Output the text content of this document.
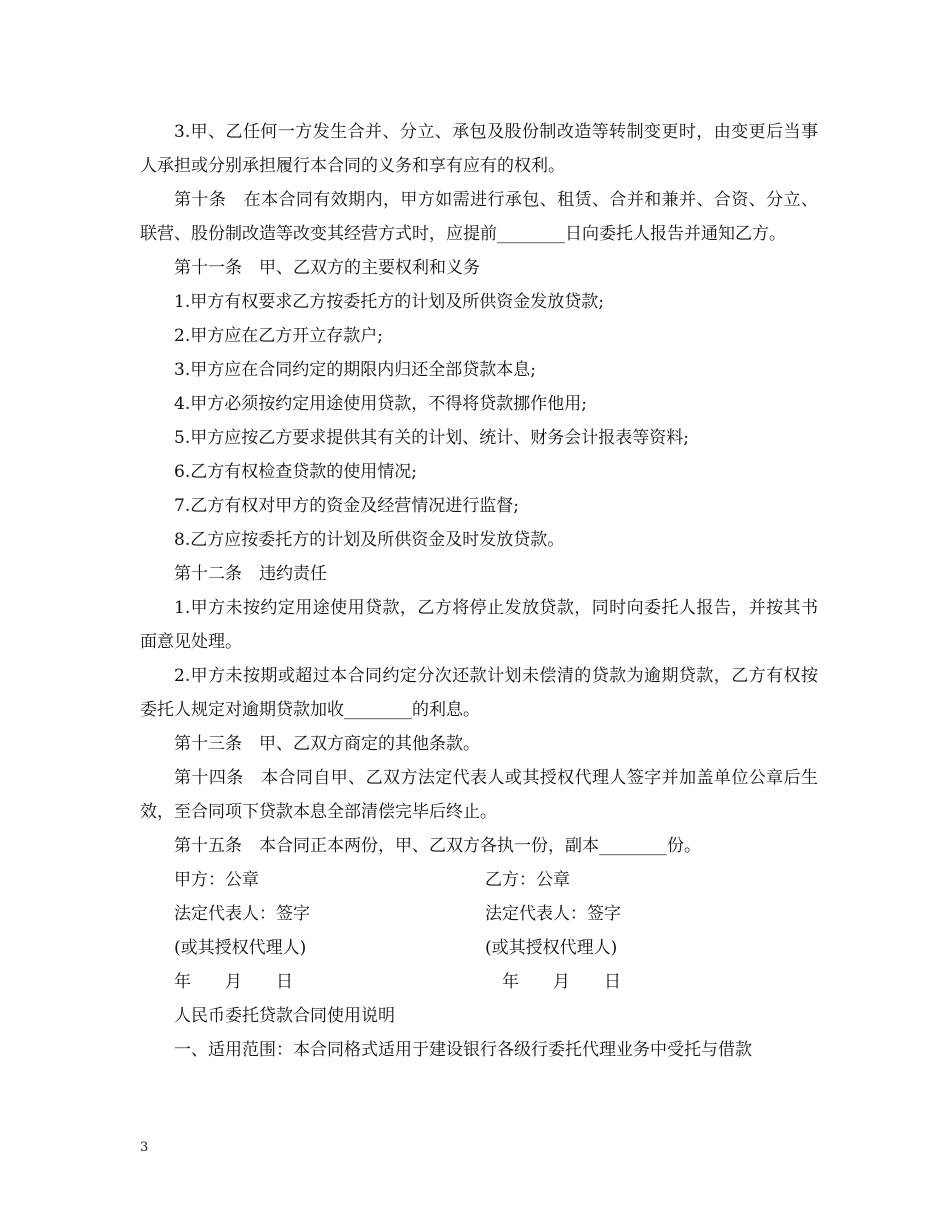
3.甲、乙任何一方发生合并、分立、承包及股份制改造等转制变更时，由变更后当事人承担或分别承担履行本合同的义务和享有应有的权利。

第十条　在本合同有效期内，甲方如需进行承包、租赁、合并和兼并、合资、分立、联营、股份制改造等改变其经营方式时，应提前________日向委托人报告并通知乙方。

第十一条　甲、乙双方的主要权利和义务

1.甲方有权要求乙方按委托方的计划及所供资金发放贷款;

2.甲方应在乙方开立存款户;

3.甲方应在合同约定的期限内归还全部贷款本息;

4.甲方必须按约定用途使用贷款，不得将贷款挪作他用;

5.甲方应按乙方要求提供其有关的计划、统计、财务会计报表等资料;

6.乙方有权检查贷款的使用情况;

7.乙方有权对甲方的资金及经营情况进行监督;

8.乙方应按委托方的计划及所供资金及时发放贷款。

第十二条　违约责任

1.甲方未按约定用途使用贷款，乙方将停止发放贷款，同时向委托人报告，并按其书面意见处理。

2.甲方未按期或超过本合同约定分次还款计划未偿清的贷款为逾期贷款，乙方有权按委托人规定对逾期贷款加收________的利息。

第十三条　甲、乙双方商定的其他条款。

第十四条　本合同自甲、乙双方法定代表人或其授权代理人签字并加盖单位公章后生效，至合同项下贷款本息全部清偿完毕后终止。

第十五条　本合同正本两份，甲、乙双方各执一份，副本________份。

甲方：公章	乙方：公章
法定代表人：签字	法定代表人：签字
(或其授权代理人)	(或其授权代理人)
年　　月　　日	年　　月　　日

人民币委托贷款合同使用说明

一、适用范围：本合同格式适用于建设银行各级行委托代理业务中受托与借款

3
